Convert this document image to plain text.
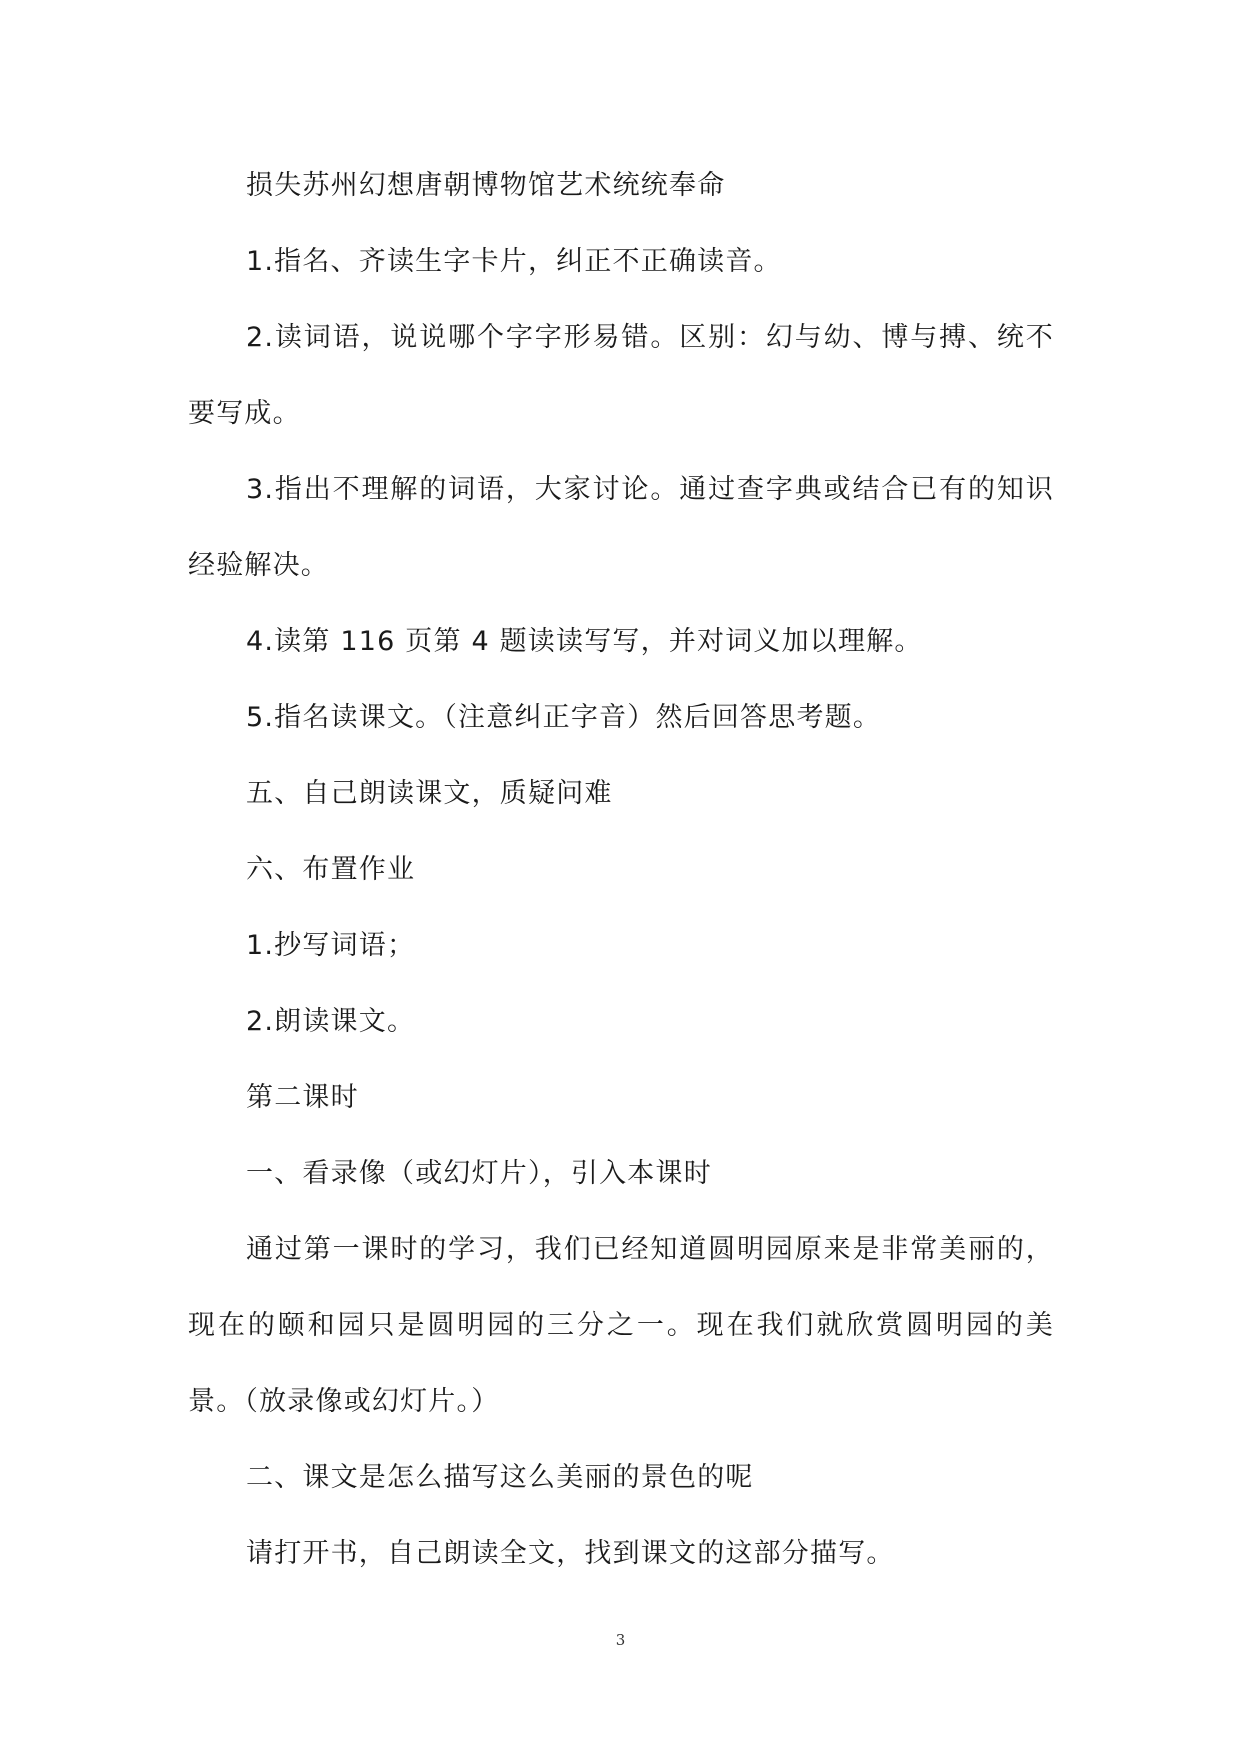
损失苏州幻想唐朝博物馆艺术统统奉命

1.指名、齐读生字卡片，纠正不正确读音。

2.读词语，说说哪个字字形易错。区别：幻与幼、博与搏、统不要写成。

3.指出不理解的词语，大家讨论。通过查字典或结合已有的知识经验解决。

4.读第 116 页第 4 题读读写写，并对词义加以理解。

5.指名读课文。（注意纠正字音）然后回答思考题。

五、自己朗读课文，质疑问难

六、布置作业

1.抄写词语；

2.朗读课文。

第二课时

一、看录像（或幻灯片），引入本课时

通过第一课时的学习，我们已经知道圆明园原来是非常美丽的，现在的颐和园只是圆明园的三分之一。现在我们就欣赏圆明园的美景。（放录像或幻灯片。）

二、课文是怎么描写这么美丽的景色的呢

请打开书，自己朗读全文，找到课文的这部分描写。

3
